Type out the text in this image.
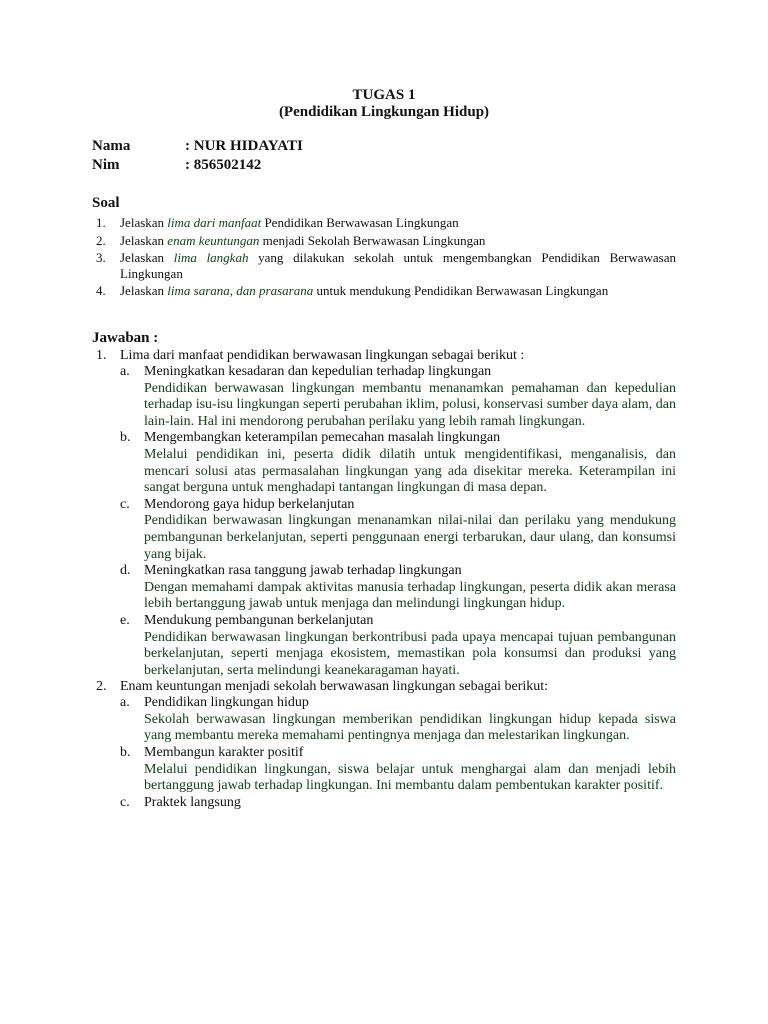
TUGAS 1
(Pendidikan Lingkungan Hidup)
Nama	: NUR HIDAYATI
Nim	: 856502142
Soal
1. Jelaskan lima dari manfaat Pendidikan Berwawasan Lingkungan
2. Jelaskan enam keuntungan menjadi Sekolah Berwawasan Lingkungan
3. Jelaskan lima langkah yang dilakukan sekolah untuk mengembangkan Pendidikan Berwawasan Lingkungan
4. Jelaskan lima sarana, dan prasarana untuk mendukung Pendidikan Berwawasan Lingkungan
Jawaban :
1. Lima dari manfaat pendidikan berwawasan lingkungan sebagai berikut :
a. Meningkatkan kesadaran dan kepedulian terhadap lingkungan
Pendidikan berwawasan lingkungan membantu menanamkan pemahaman dan kepedulian terhadap isu-isu lingkungan seperti perubahan iklim, polusi, konservasi sumber daya alam, dan lain-lain. Hal ini mendorong perubahan perilaku yang lebih ramah lingkungan.
b. Mengembangkan keterampilan pemecahan masalah lingkungan
Melalui pendidikan ini, peserta didik dilatih untuk mengidentifikasi, menganalisis, dan mencari solusi atas permasalahan lingkungan yang ada disekitar mereka. Keterampilan ini sangat berguna untuk menghadapi tantangan lingkungan di masa depan.
c. Mendorong gaya hidup berkelanjutan
Pendidikan berwawasan lingkungan menanamkan nilai-nilai dan perilaku yang mendukung pembangunan berkelanjutan, seperti penggunaan energi terbarukan, daur ulang, dan konsumsi yang bijak.
d. Meningkatkan rasa tanggung jawab terhadap lingkungan
Dengan memahami dampak aktivitas manusia terhadap lingkungan, peserta didik akan merasa lebih bertanggung jawab untuk menjaga dan melindungi lingkungan hidup.
e. Mendukung pembangunan berkelanjutan
Pendidikan berwawasan lingkungan berkontribusi pada upaya mencapai tujuan pembangunan berkelanjutan, seperti menjaga ekosistem, memastikan pola konsumsi dan produksi yang berkelanjutan, serta melindungi keanekaragaman hayati.
2. Enam keuntungan menjadi sekolah berwawasan lingkungan sebagai berikut:
a. Pendidikan lingkungan hidup
Sekolah berwawasan lingkungan memberikan pendidikan lingkungan hidup kepada siswa yang membantu mereka memahami pentingnya menjaga dan melestarikan lingkungan.
b. Membangun karakter positif
Melalui pendidikan lingkungan, siswa belajar untuk menghargai alam dan menjadi lebih bertanggung jawab terhadap lingkungan. Ini membantu dalam pembentukan karakter positif.
c. Praktek langsung
